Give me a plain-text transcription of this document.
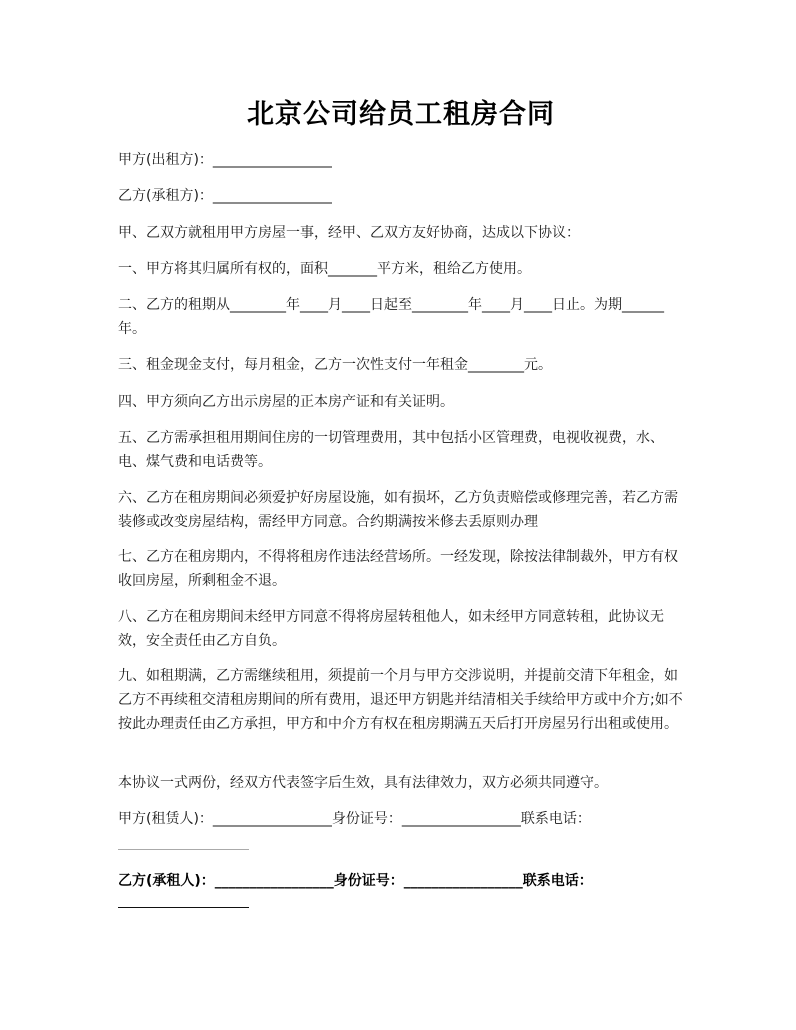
北京公司给员工租房合同
甲方(出租方)：_________________
乙方(承租方)：_________________
甲、乙双方就租用甲方房屋一事，经甲、乙双方友好协商，达成以下协议：
一、甲方将其归属所有权的，面积_______平方米，租给乙方使用。
二、乙方的租期从________年____月____日起至________年____月____日止。为期______年。
三、租金现金支付，每月租金，乙方一次性支付一年租金________元。
四、甲方须向乙方出示房屋的正本房产证和有关证明。
五、乙方需承担租用期间住房的一切管理费用，其中包括小区管理费，电视收视费，水、电、煤气费和电话费等。
六、乙方在租房期间必须爱护好房屋设施，如有损坏，乙方负责赔偿或修理完善，若乙方需装修或改变房屋结构，需经甲方同意。合约期满按米修去丢原则办理
七、乙方在租房期内，不得将租房作违法经营场所。一经发现，除按法律制裁外，甲方有权收回房屋，所剩租金不退。
八、乙方在租房期间未经甲方同意不得将房屋转租他人，如未经甲方同意转租，此协议无效，安全责任由乙方自负。
九、如租期满，乙方需继续租用，须提前一个月与甲方交涉说明，并提前交清下年租金，如乙方不再续租交清租房期间的所有费用，退还甲方钥匙并结清相关手续给甲方或中介方;如不按此办理责任由乙方承担，甲方和中介方有权在租房期满五天后打开房屋另行出租或使用。
本协议一式两份，经双方代表签字后生效，具有法律效力，双方必须共同遵守。
甲方(租赁人)：_________________身份证号：_________________联系电话：
乙方(承租人)：_________________身份证号：_________________联系电话：
